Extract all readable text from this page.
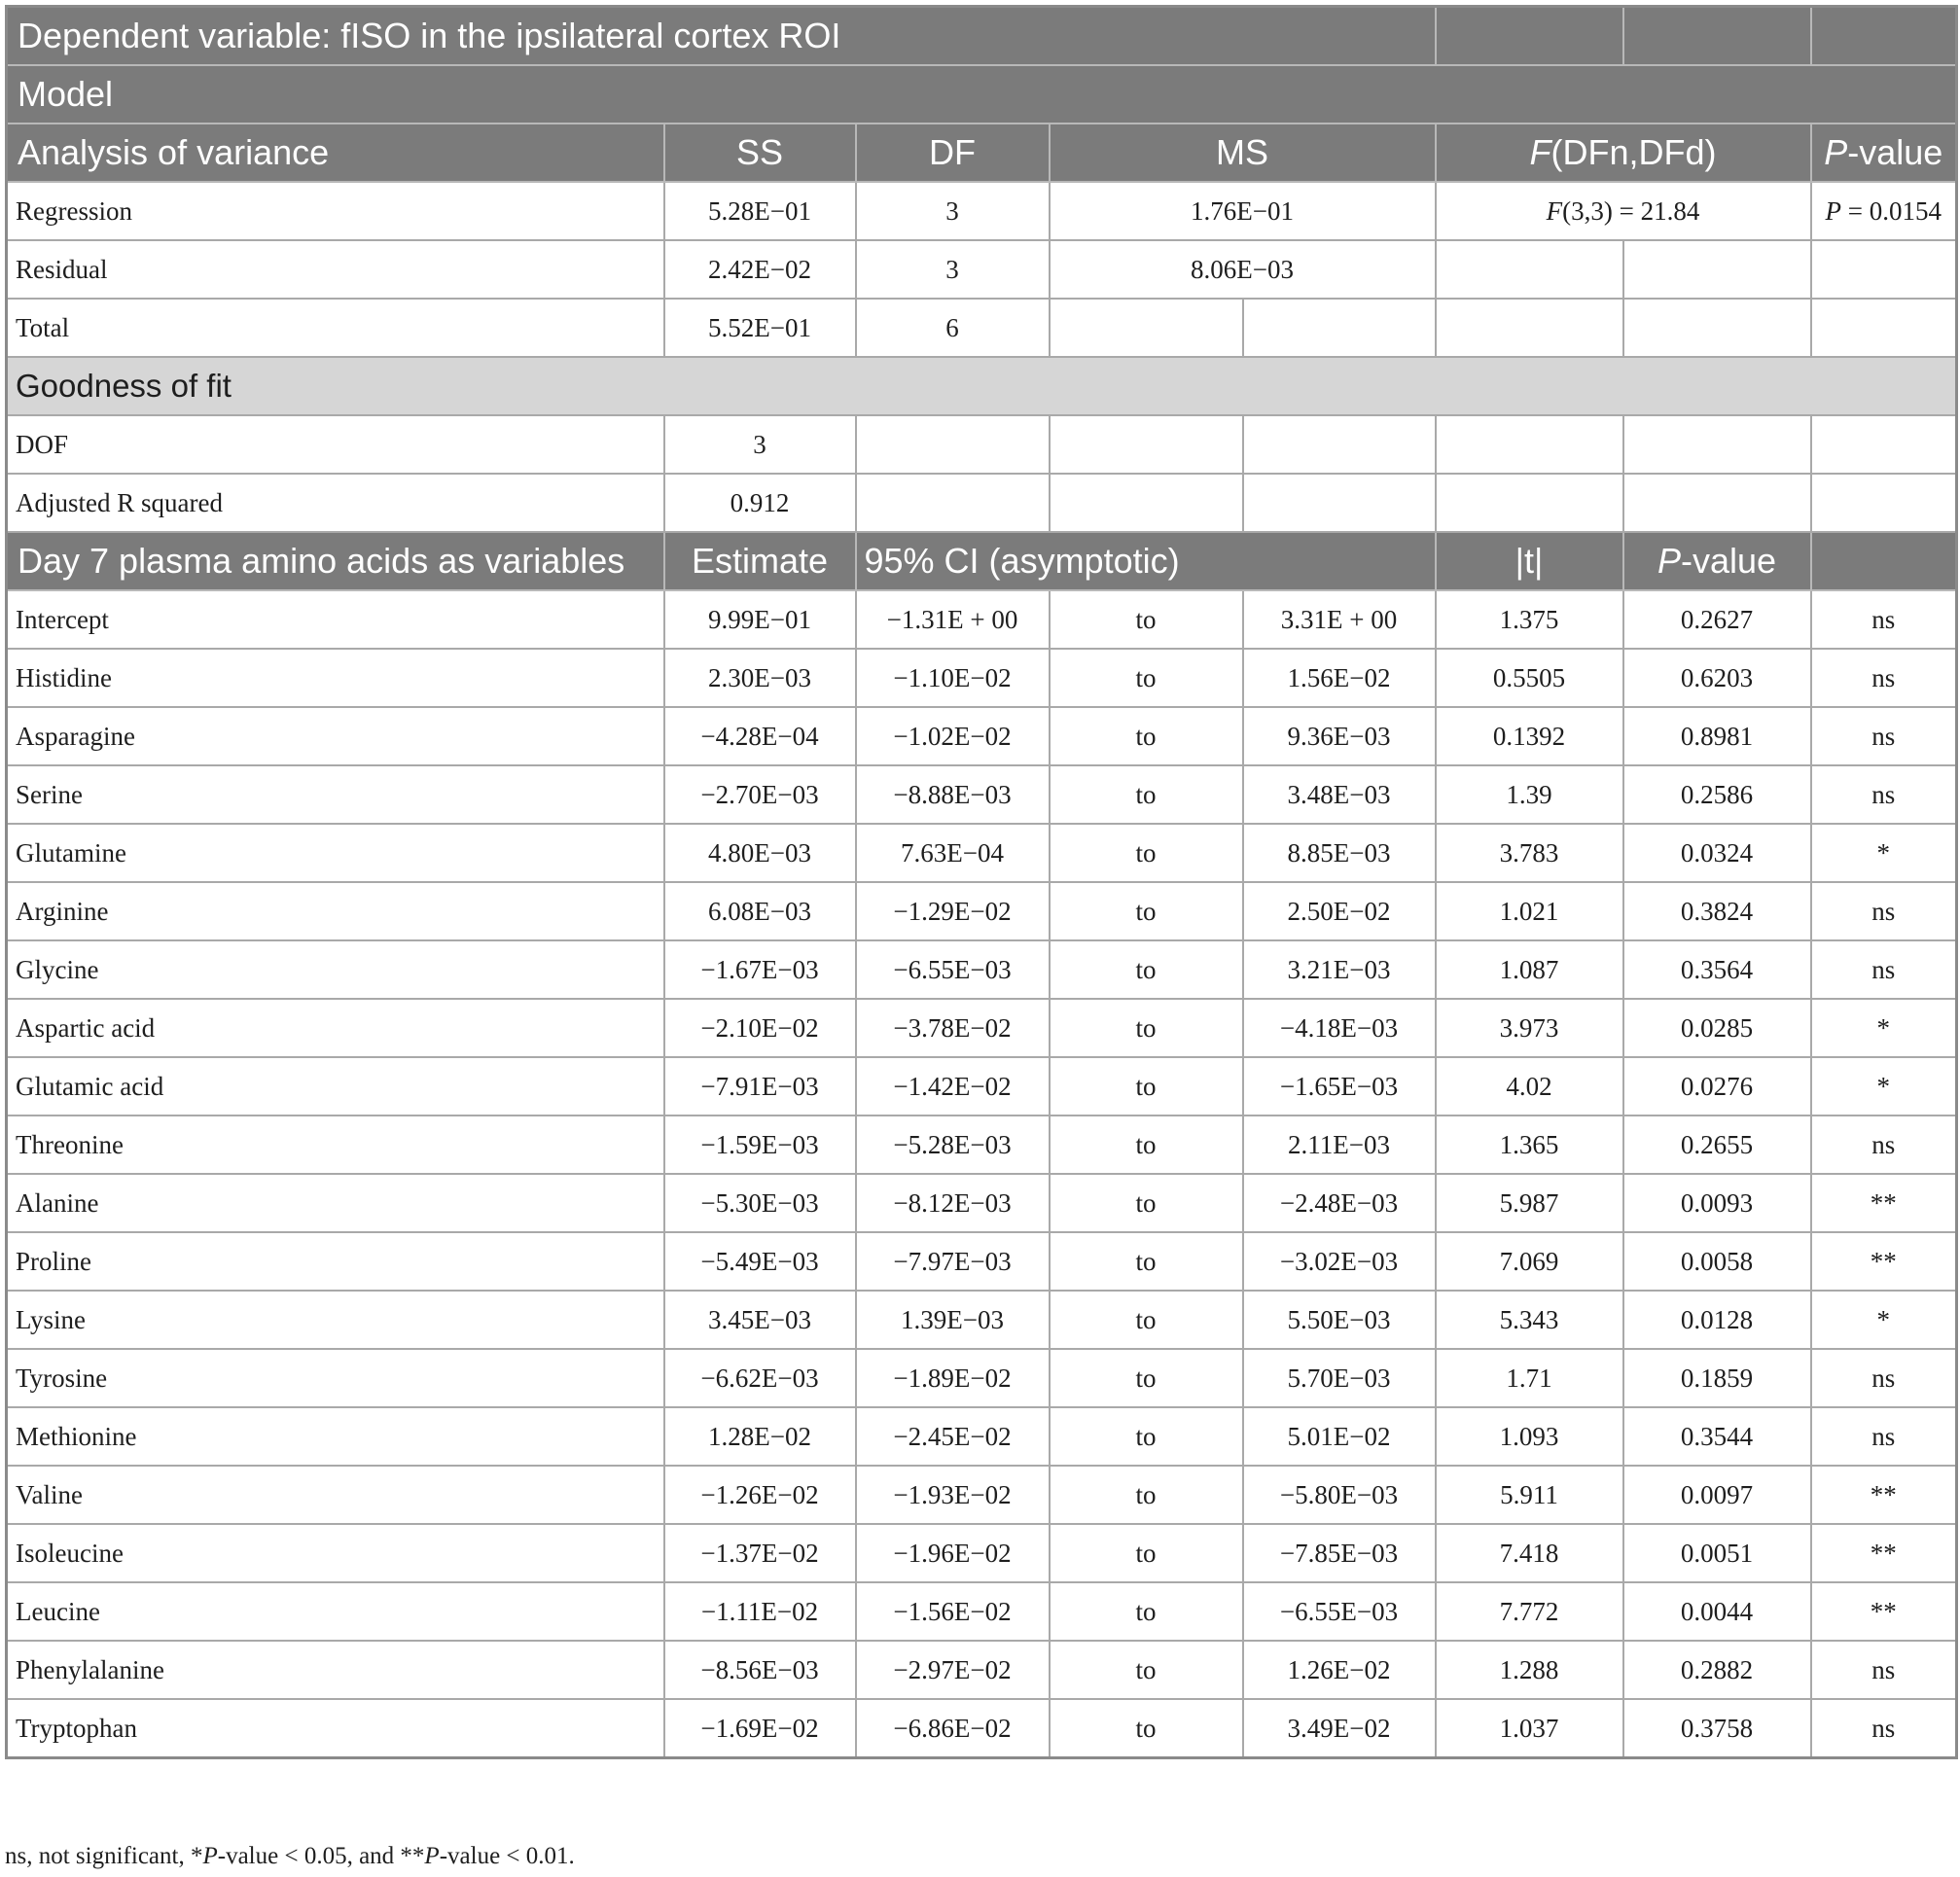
Dependent variable: fISO in the ipsilateral cortex ROI							
Model							
Analysis of variance	SS	DF	MS		F(DFn,DFd)		P-value
Regression	5.28E−01	3	1.76E−01		F(3,3) = 21.84		P = 0.0154
Residual	2.42E−02	3	8.06E−03				
Total	5.52E−01	6					
Goodness of fit							
DOF	3						
Adjusted R squared	0.912						
Day 7 plasma amino acids as variables	Estimate	95% CI (asymptotic)			|t|	P-value	
Intercept	9.99E−01	−1.31E + 00	to	3.31E + 00	1.375	0.2627	ns
Histidine	2.30E−03	−1.10E−02	to	1.56E−02	0.5505	0.6203	ns
Asparagine	−4.28E−04	−1.02E−02	to	9.36E−03	0.1392	0.8981	ns
Serine	−2.70E−03	−8.88E−03	to	3.48E−03	1.39	0.2586	ns
Glutamine	4.80E−03	7.63E−04	to	8.85E−03	3.783	0.0324	*
Arginine	6.08E−03	−1.29E−02	to	2.50E−02	1.021	0.3824	ns
Glycine	−1.67E−03	−6.55E−03	to	3.21E−03	1.087	0.3564	ns
Aspartic acid	−2.10E−02	−3.78E−02	to	−4.18E−03	3.973	0.0285	*
Glutamic acid	−7.91E−03	−1.42E−02	to	−1.65E−03	4.02	0.0276	*
Threonine	−1.59E−03	−5.28E−03	to	2.11E−03	1.365	0.2655	ns
Alanine	−5.30E−03	−8.12E−03	to	−2.48E−03	5.987	0.0093	**
Proline	−5.49E−03	−7.97E−03	to	−3.02E−03	7.069	0.0058	**
Lysine	3.45E−03	1.39E−03	to	5.50E−03	5.343	0.0128	*
Tyrosine	−6.62E−03	−1.89E−02	to	5.70E−03	1.71	0.1859	ns
Methionine	1.28E−02	−2.45E−02	to	5.01E−02	1.093	0.3544	ns
Valine	−1.26E−02	−1.93E−02	to	−5.80E−03	5.911	0.0097	**
Isoleucine	−1.37E−02	−1.96E−02	to	−7.85E−03	7.418	0.0051	**
Leucine	−1.11E−02	−1.56E−02	to	−6.55E−03	7.772	0.0044	**
Phenylalanine	−8.56E−03	−2.97E−02	to	1.26E−02	1.288	0.2882	ns
Tryptophan	−1.69E−02	−6.86E−02	to	3.49E−02	1.037	0.3758	ns
ns, not significant, *P-value < 0.05, and **P-value < 0.01.
